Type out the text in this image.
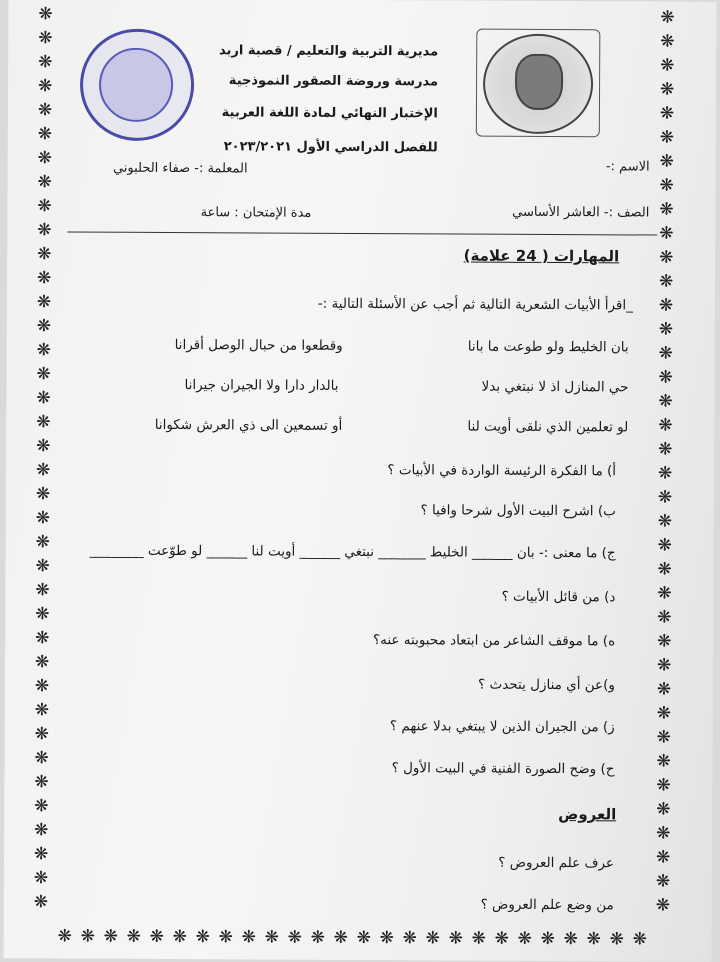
❋	❋
❋	❋
❋	❋
❋	❋
❋	❋
❋	❋
❋	❋
❋	❋
❋	❋
❋	❋
❋	❋
❋	❋
❋	❋
❋	❋
❋	❋
❋	❋
❋	❋
❋	❋
❋	❋
❋	❋
❋	❋
❋	❋
❋	❋
❋	❋
❋	❋
❋	❋
❋	❋
❋	❋
❋	❋
❋	❋
❋	❋
❋	❋
❋	❋
❋	❋
❋	❋
❋	❋
❋	❋
❋	❋
❋ ❋ ❋ ❋ ❋ ❋ ❋ ❋ ❋ ❋ ❋ ❋ ❋ ❋ ❋ ❋ ❋ ❋ ❋ ❋ ❋ ❋ ❋ ❋ ❋ ❋
مديرية التربية والتعليم / قصبة اربد
مدرسة وروضة الصقور النموذجية
الإختبار النهائي لمادة اللغة العربية
للفصل الدراسي الأول ٢٠٢٣/٢٠٢١
الاسم :-
المعلمة :- صفاء الحلبوني
الصف :- العاشر الأساسي
مدة الإمتحان : ساعة
المهارات ( 24 علامة)
_اقرأ الأبيات الشعرية التالية ثم أجب عن الأسئلة التالية :-
بان الخليط ولو طوعت ما بانا
وقطعوا من حبال الوصل أقرانا
حي المنازل اذ لا نبتغي بدلا
بالدار دارا ولا الجيران جيرانا
لو تعلمين الذي نلقى أويت لنا
أو تسمعين الى ذي العرش شكوانا
أ) ما الفكرة الرئيسة الواردة في الأبيات ؟
ب) اشرح البيت الأول شرحا وافيا ؟
ج) ما معنى :- بان ______ الخليط _______ نبتغي ______ أويت لنا ______ لو طوّعت ________
د) من قائل الأبيات ؟
ه) ما موقف الشاعر من ابتعاد محبوبته عنه؟
و)عن أي منازل يتحدث ؟
ز) من الجيران الذين لا يبتغي بدلا عنهم ؟
ح) وضح الصورة الفنية في البيت الأول ؟
العروض
عرف علم العروض ؟
من وضع علم العروض ؟
